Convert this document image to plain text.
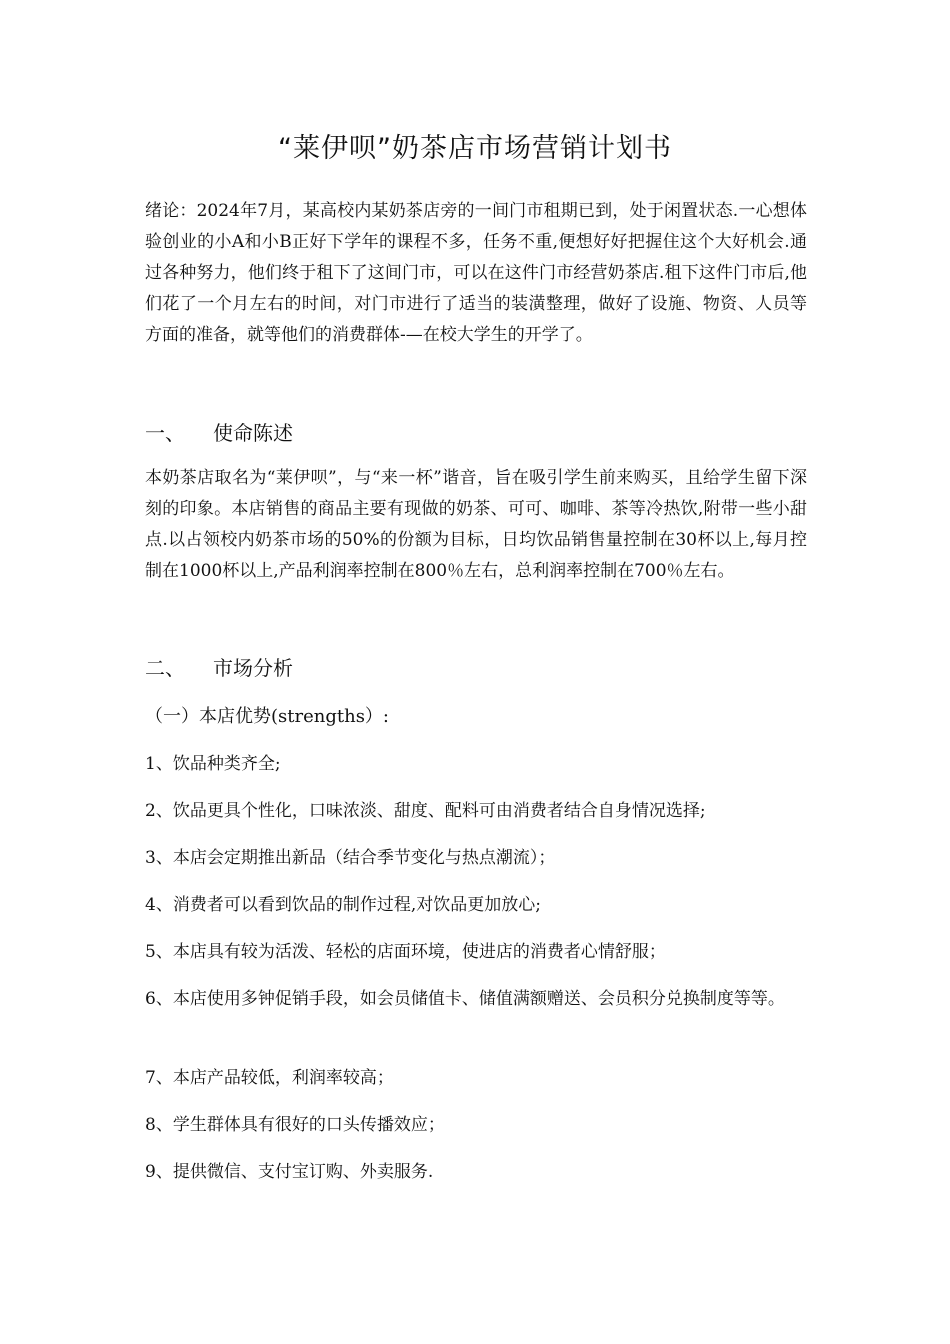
“莱伊呗”奶茶店市场营销计划书
绪论：2024年7月，某高校内某奶茶店旁的一间门市租期已到，处于闲置状态.一心想体验创业的小A和小B正好下学年的课程不多，任务不重,便想好好把握住这个大好机会.通过各种努力，他们终于租下了这间门市，可以在这件门市经营奶茶店.租下这件门市后,他们花了一个月左右的时间，对门市进行了适当的装潢整理，做好了设施、物资、人员等方面的准备，就等他们的消费群体-—在校大学生的开学了。
一、 使命陈述
本奶茶店取名为“莱伊呗”，与“来一杯”谐音，旨在吸引学生前来购买，且给学生留下深刻的印象。本店销售的商品主要有现做的奶茶、可可、咖啡、茶等冷热饮,附带一些小甜点.以占领校内奶茶市场的50%的份额为目标，日均饮品销售量控制在30杯以上,每月控制在1000杯以上,产品利润率控制在800％左右，总利润率控制在700％左右。
二、 市场分析
（一）本店优势(strengths）:
1、饮品种类齐全;
2、饮品更具个性化，口味浓淡、甜度、配料可由消费者结合自身情况选择;
3、本店会定期推出新品（结合季节变化与热点潮流）；
4、消费者可以看到饮品的制作过程,对饮品更加放心;
5、本店具有较为活泼、轻松的店面环境，使进店的消费者心情舒服；
6、本店使用多钟促销手段，如会员储值卡、储值满额赠送、会员积分兑换制度等等。
7、本店产品较低，利润率较高；
8、学生群体具有很好的口头传播效应；
9、提供微信、支付宝订购、外卖服务.
